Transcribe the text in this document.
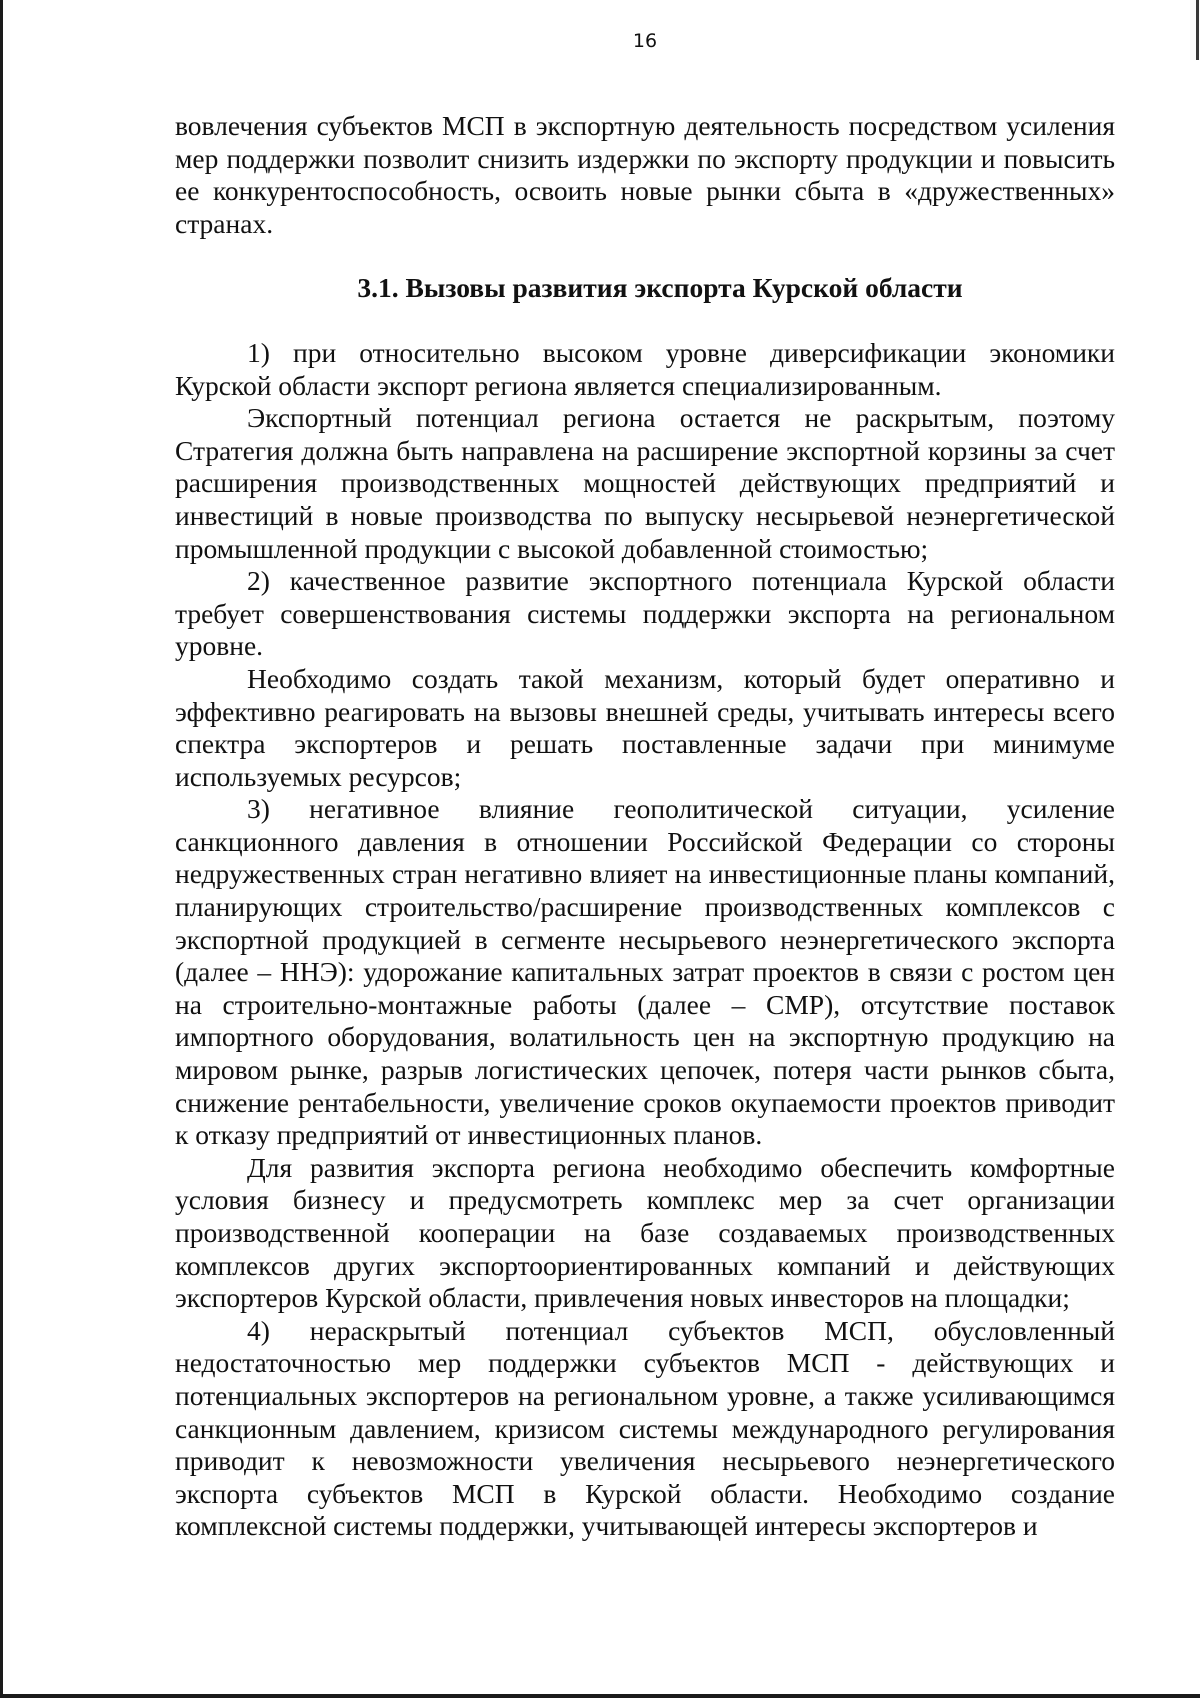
16

вовлечения субъектов МСП в экспортную деятельность посредством усиления мер поддержки позволит снизить издержки по экспорту продукции и повысить ее конкурентоспособность, освоить новые рынки сбыта в «дружественных» странах.

3.1. Вызовы развития экспорта Курской области

1) при относительно высоком уровне диверсификации экономики Курской области экспорт региона является специализированным.

Экспортный потенциал региона остается не раскрытым, поэтому Стратегия должна быть направлена на расширение экспортной корзины за счет расширения производственных мощностей действующих предприятий и инвестиций в новые производства по выпуску несырьевой неэнергетической промышленной продукции с высокой добавленной стоимостью;

2) качественное развитие экспортного потенциала Курской области требует совершенствования системы поддержки экспорта на региональном уровне.

Необходимо создать такой механизм, который будет оперативно и эффективно реагировать на вызовы внешней среды, учитывать интересы всего спектра экспортеров и решать поставленные задачи при минимуме используемых ресурсов;

3) негативное влияние геополитической ситуации, усиление санкционного давления в отношении Российской Федерации со стороны недружественных стран негативно влияет на инвестиционные планы компаний, планирующих строительство/расширение производственных комплексов с экспортной продукцией в сегменте несырьевого неэнергетического экспорта (далее – ННЭ): удорожание капитальных затрат проектов в связи с ростом цен на строительно-монтажные работы (далее – СМР), отсутствие поставок импортного оборудования, волатильность цен на экспортную продукцию на мировом рынке, разрыв логистических цепочек, потеря части рынков сбыта, снижение рентабельности, увеличение сроков окупаемости проектов приводит к отказу предприятий от инвестиционных планов.

Для развития экспорта региона необходимо обеспечить комфортные условия бизнесу и предусмотреть комплекс мер за счет организации производственной кооперации на базе создаваемых производственных комплексов других экспортоориентированных компаний и действующих экспортеров Курской области, привлечения новых инвесторов на площадки;

4) нераскрытый потенциал субъектов МСП, обусловленный недостаточностью мер поддержки субъектов МСП - действующих и потенциальных экспортеров на региональном уровне, а также усиливающимся санкционным давлением, кризисом системы международного регулирования приводит к невозможности увеличения несырьевого неэнергетического экспорта субъектов МСП в Курской области. Необходимо создание комплексной системы поддержки, учитывающей интересы экспортеров и
